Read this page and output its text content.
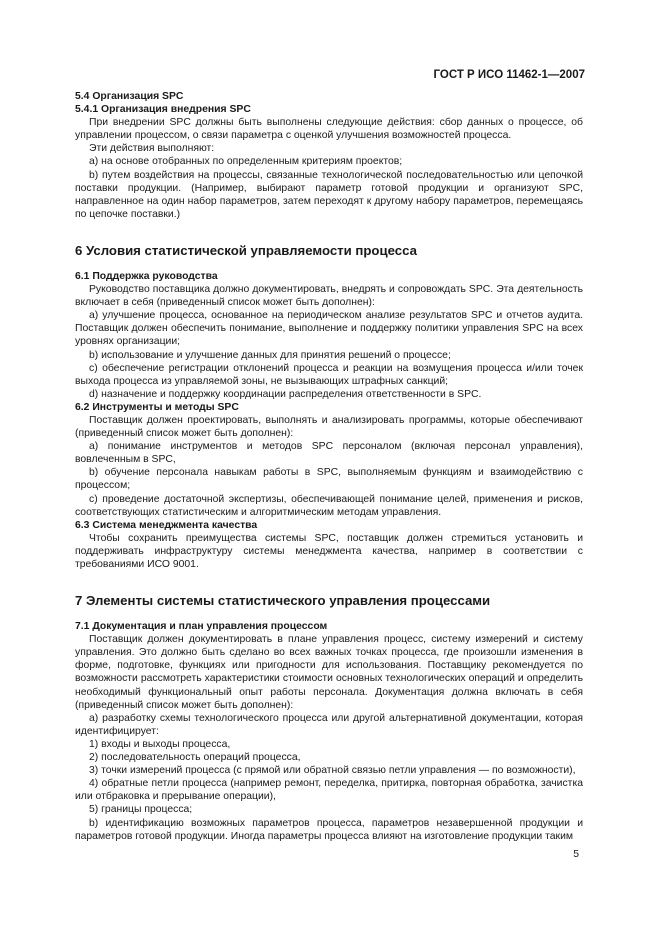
ГОСТ Р ИСО 11462-1—2007

5.4 Организация SPC

5.4.1 Организация внедрения SPC

При внедрении SPC должны быть выполнены следующие действия: сбор данных о процессе, об управлении процессом, о связи параметра с оценкой улучшения возможностей процесса.

Эти действия выполняют:

а) на основе отобранных по определенным критериям проектов;

b) путем воздействия на процессы, связанные технологической последовательностью или цепочкой поставки продукции. (Например, выбирают параметр готовой продукции и организуют SPC, направленное на один набор параметров, затем переходят к другому набору параметров, перемещаясь по цепочке поставки.)

6 Условия статистической управляемости процесса

6.1 Поддержка руководства

Руководство поставщика должно документировать, внедрять и сопровождать SPC. Эта деятельность включает в себя (приведенный список может быть дополнен):

а) улучшение процесса, основанное на периодическом анализе результатов SPC и отчетов аудита. Поставщик должен обеспечить понимание, выполнение и поддержку политики управления SPC на всех уровнях организации;

b) использование и улучшение данных для принятия решений о процессе;

с) обеспечение регистрации отклонений процесса и реакции на возмущения процесса и/или точек выхода процесса из управляемой зоны, не вызывающих штрафных санкций;

d) назначение и поддержку координации распределения ответственности в SPC.

6.2 Инструменты и методы SPC

Поставщик должен проектировать, выполнять и анализировать программы, которые обеспечивают (приведенный список может быть дополнен):

а) понимание инструментов и методов SPC персоналом (включая персонал управления), вовлеченным в SPC,

b) обучение персонала навыкам работы в SPC, выполняемым функциям и взаимодействию с процессом;

с) проведение достаточной экспертизы, обеспечивающей понимание целей, применения и рисков, соответствующих статистическим и алгоритмическим методам управления.

6.3 Система менеджмента качества

Чтобы сохранить преимущества системы SPC, поставщик должен стремиться установить и поддерживать инфраструктуру системы менеджмента качества, например в соответствии с требованиями ИСО 9001.

7 Элементы системы статистического управления процессами

7.1 Документация и план управления процессом

Поставщик должен документировать в плане управления процесс, систему измерений и систему управления. Это должно быть сделано во всех важных точках процесса, где произошли изменения в форме, подготовке, функциях или пригодности для использования. Поставщику рекомендуется по возможности рассмотреть характеристики стоимости основных технологических операций и определить необходимый функциональный опыт работы персонала. Документация должна включать в себя (приведенный список может быть дополнен):

а) разработку схемы технологического процесса или другой альтернативной документации, которая идентифицирует:

1) входы и выходы процесса,

2) последовательность операций процесса,

3) точки измерений процесса (с прямой или обратной связью петли управления — по возможности),

4) обратные петли процесса (например ремонт, переделка, притирка, повторная обработка, зачистка или отбраковка и прерывание операции),

5) границы процесса;

b) идентификацию возможных параметров процесса, параметров незавершенной продукции и параметров готовой продукции. Иногда параметры процесса влияют на изготовление продукции таким

5
